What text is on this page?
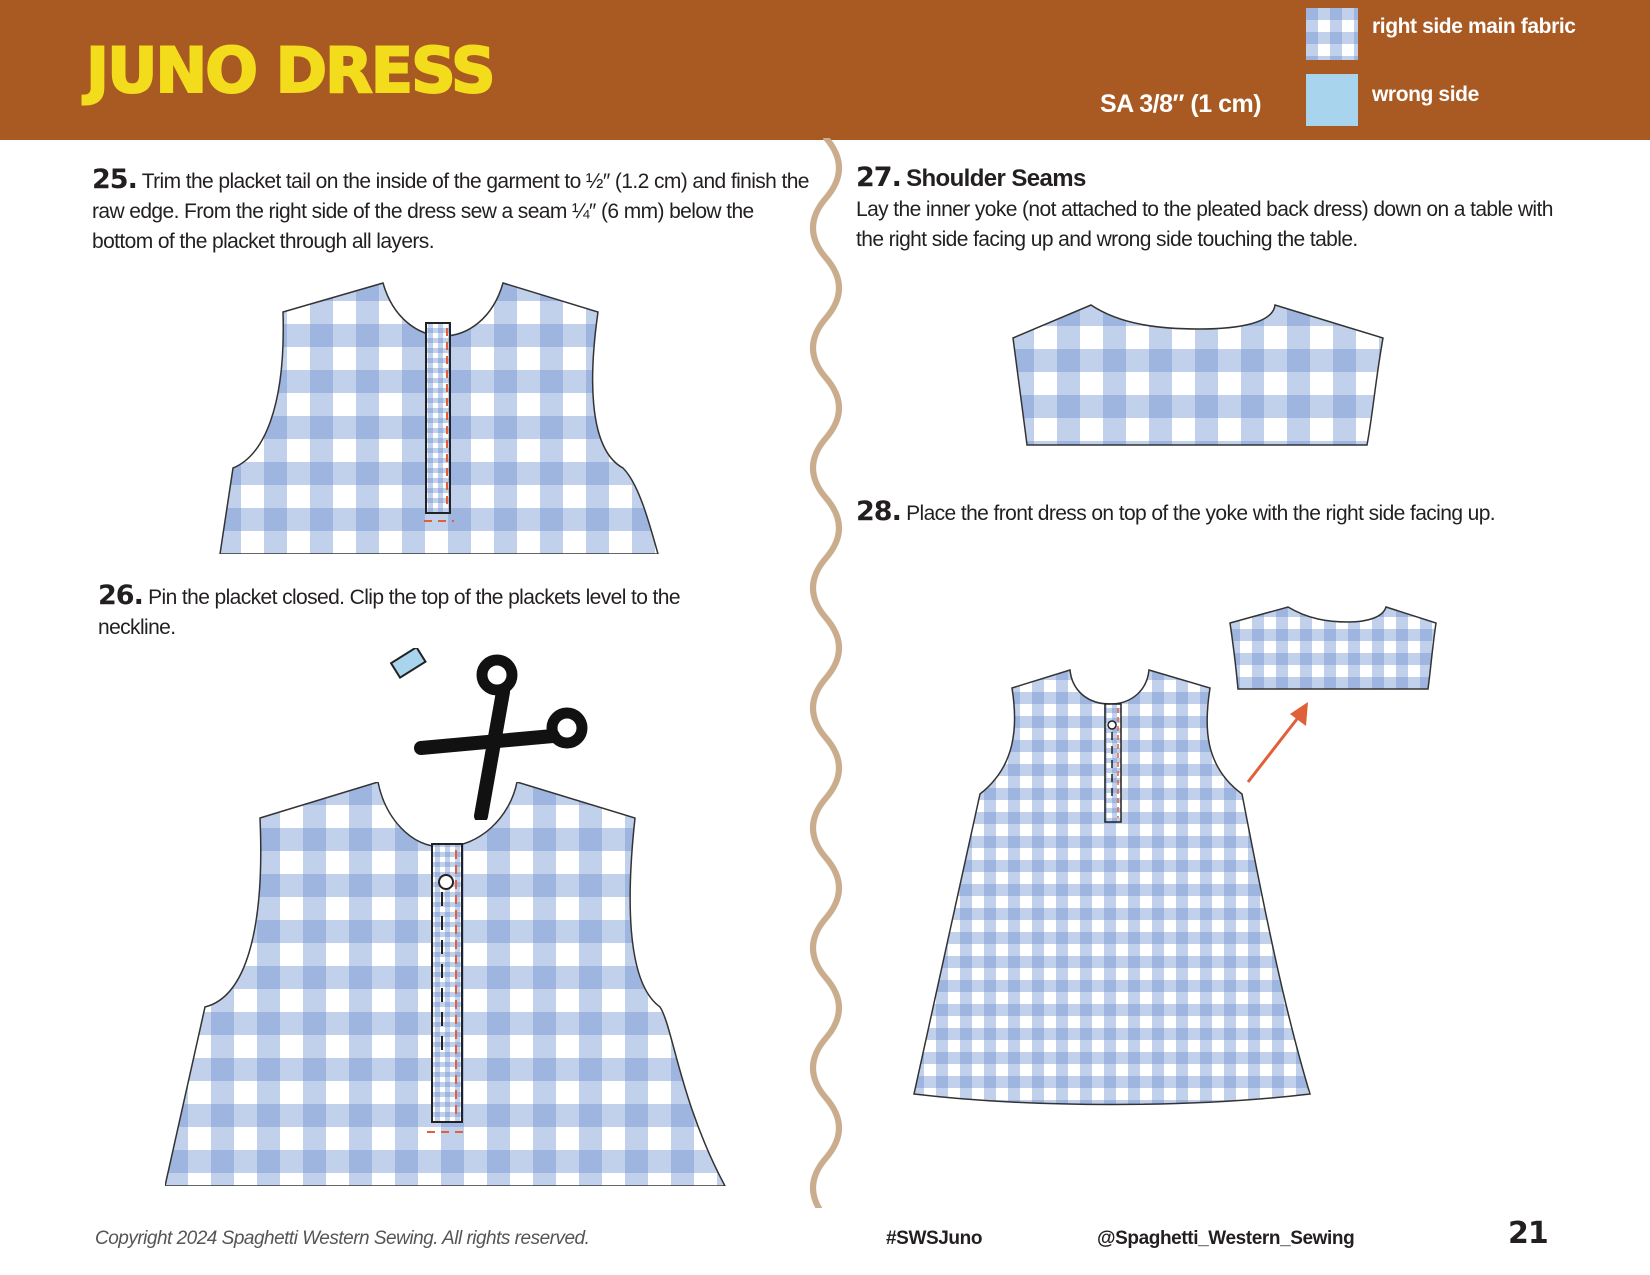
JUNO DRESS	SA 3/8″ (1 cm)
right side main fabric
wrong side
25. Trim the placket tail on the inside of the garment to ½″ (1.2 cm) and finish the raw edge. From the right side of the dress sew a seam ¼″ (6 mm) below the bottom of the placket through all layers.
26. Pin the placket closed. Clip the top of the plackets level to the neckline.
27. Shoulder Seams
Lay the inner yoke (not attached to the pleated back dress) down on a table with the right side facing up and wrong side touching the table.
28. Place the front dress on top of the yoke with the right side facing up.
Copyright 2024 Spaghetti Western Sewing. All rights reserved.	#SWSJuno	@Spaghetti_Western_Sewing	21
